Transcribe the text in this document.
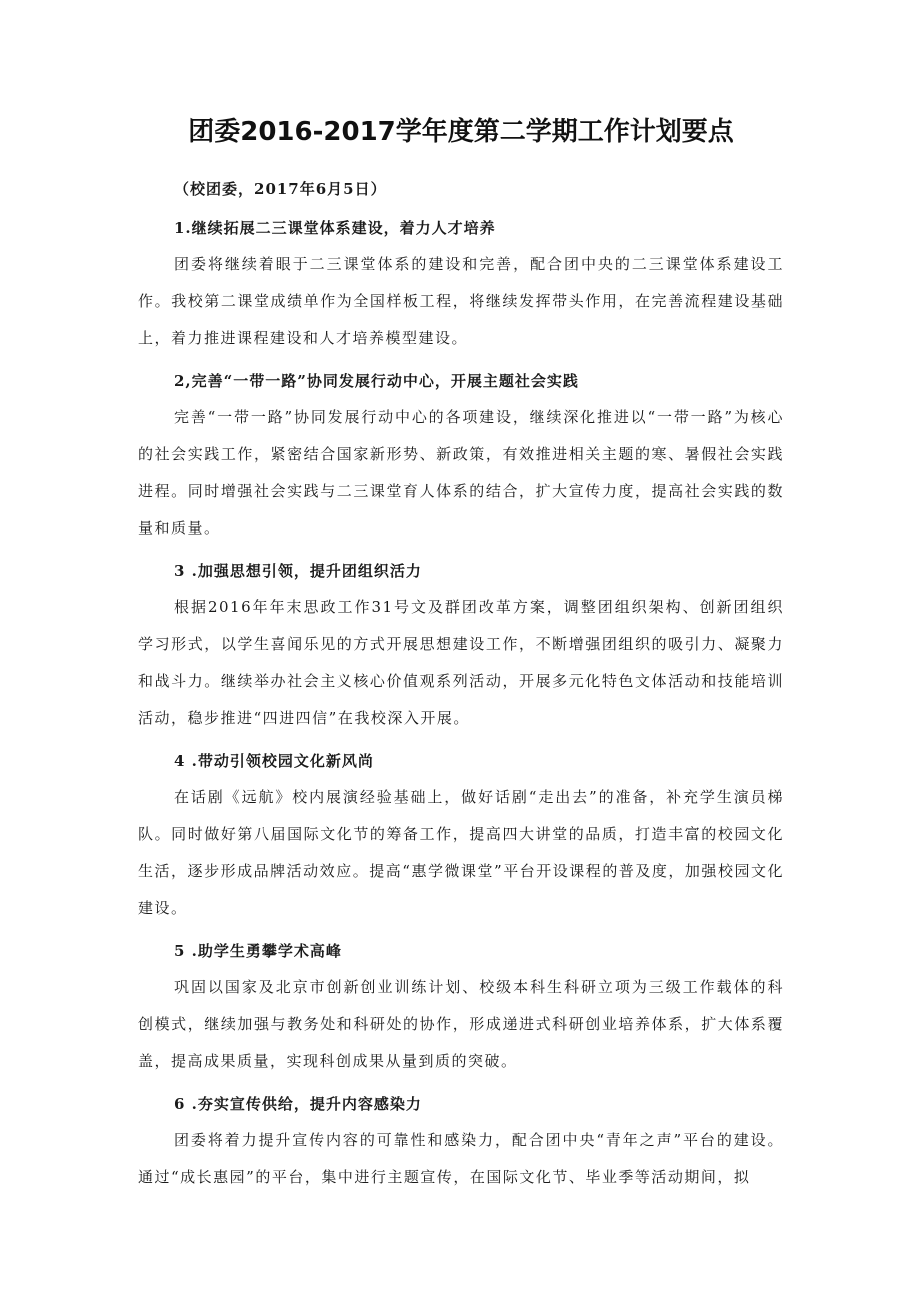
团委2016-2017学年度第二学期工作计划要点

（校团委，2017年6月5日）

1.继续拓展二三课堂体系建设，着力人才培养

团委将继续着眼于二三课堂体系的建设和完善，配合团中央的二三课堂体系建设工作。我校第二课堂成绩单作为全国样板工程，将继续发挥带头作用，在完善流程建设基础上，着力推进课程建设和人才培养模型建设。

2,完善“一带一路”协同发展行动中心，开展主题社会实践

完善“一带一路”协同发展行动中心的各项建设，继续深化推进以“一带一路”为核心的社会实践工作，紧密结合国家新形势、新政策，有效推进相关主题的寒、暑假社会实践进程。同时增强社会实践与二三课堂育人体系的结合，扩大宣传力度，提高社会实践的数量和质量。

3 .加强思想引领，提升团组织活力

根据2016年年末思政工作31号文及群团改革方案，调整团组织架构、创新团组织学习形式，以学生喜闻乐见的方式开展思想建设工作，不断增强团组织的吸引力、凝聚力和战斗力。继续举办社会主义核心价值观系列活动，开展多元化特色文体活动和技能培训活动，稳步推进“四进四信”在我校深入开展。

4 .带动引领校园文化新风尚

在话剧《远航》校内展演经验基础上，做好话剧“走出去”的准备，补充学生演员梯队。同时做好第八届国际文化节的筹备工作，提高四大讲堂的品质，打造丰富的校园文化生活，逐步形成品牌活动效应。提高“惠学微课堂”平台开设课程的普及度，加强校园文化建设。

5 .助学生勇攀学术高峰

巩固以国家及北京市创新创业训练计划、校级本科生科研立项为三级工作载体的科创模式，继续加强与教务处和科研处的协作，形成递进式科研创业培养体系，扩大体系覆盖，提高成果质量，实现科创成果从量到质的突破。

6 .夯实宣传供给，提升内容感染力

团委将着力提升宣传内容的可靠性和感染力，配合团中央“青年之声”平台的建设。通过“成长惠园”的平台，集中进行主题宣传，在国际文化节、毕业季等活动期间，拟
